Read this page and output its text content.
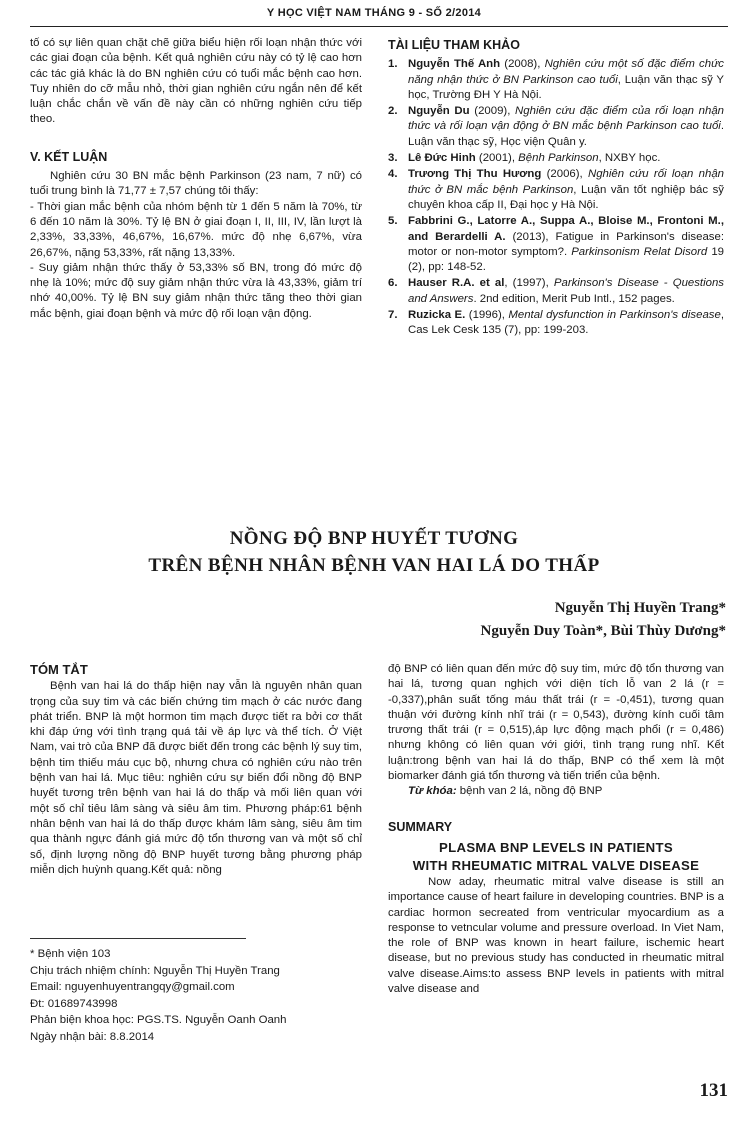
Y HỌC VIỆT NAM THÁNG 9 - SỐ 2/2014

tố có sự liên quan chặt chẽ giữa biểu hiện rối loạn nhận thức với các giai đoạn của bệnh. Kết quả nghiên cứu này có tỷ lệ cao hơn các tác giả khác là do BN nghiên cứu có tuổi mắc bệnh cao hơn. Tuy nhiên do cỡ mẫu nhỏ, thời gian nghiên cứu ngắn nên để kết luận chắc chắn về vấn đề này cần có những nghiên cứu tiếp theo.

V. KẾT LUẬN

Nghiên cứu 30 BN mắc bệnh Parkinson (23 nam, 7 nữ) có tuổi trung bình là 71,77 ± 7,57 chúng tôi thấy:

- Thời gian mắc bệnh của nhóm bệnh từ 1 đến 5 năm là 70%, từ 6 đến 10 năm là 30%. Tỷ lệ BN ở giai đoạn I, II, III, IV, lần lượt là 2,33%, 33,33%, 46,67%, 16,67%. mức độ nhẹ 6,67%, vừa 26,67%, nặng 53,33%, rất nặng 13,33%.

- Suy giảm nhận thức thấy ở 53,33% số BN, trong đó mức độ nhẹ là 10%; mức độ suy giảm nhận thức vừa là 43,33%, giảm trí nhớ 40,00%. Tỷ lệ BN suy giảm nhận thức tăng theo thời gian mắc bệnh, giai đoạn bệnh và mức độ rối loạn vận động.

TÀI LIỆU THAM KHẢO
1. Nguyễn Thế Anh (2008), Nghiên cứu một số đặc điểm chức năng nhận thức ở BN Parkinson cao tuổi, Luận văn thạc sỹ Y học, Trường ĐH Y Hà Nội.
2. Nguyễn Du (2009), Nghiên cứu đặc điểm của rối loạn nhận thức và rối loạn vận động ở BN mắc bệnh Parkinson cao tuổi. Luận văn thạc sỹ, Học viện Quân y.
3. Lê Đức Hinh (2001), Bệnh Parkinson, NXBY học.
4. Trương Thị Thu Hương (2006), Nghiên cứu rối loạn nhận thức ở BN mắc bệnh Parkinson, Luận văn tốt nghiệp bác sỹ chuyên khoa cấp II, Đại học y Hà Nội.
5. Fabbrini G., Latorre A., Suppa A., Bloise M., Frontoni M., and Berardelli A. (2013), Fatigue in Parkinson's disease: motor or non-motor symptom?. Parkinsonism Relat Disord 19 (2), pp: 148-52.
6. Hauser R.A. et al, (1997), Parkinson's Disease - Questions and Answers. 2nd edition, Merit Pub Intl., 152 pages.
7. Ruzicka E. (1996), Mental dysfunction in Parkinson's disease, Cas Lek Cesk 135 (7), pp: 199-203.
NỒNG ĐỘ BNP HUYẾT TƯƠNG
TRÊN BỆNH NHÂN BỆNH VAN HAI LÁ DO THẤP
Nguyễn Thị Huyền Trang*
Nguyễn Duy Toàn*, Bùi Thùy Dương*
TÓM TẮT

Bệnh van hai lá do thấp hiện nay vẫn là nguyên nhân quan trọng của suy tim và các biến chứng tim mạch ở các nước đang phát triển. BNP là một hormon tim mạch được tiết ra bởi cơ thất khi đáp ứng với tình trạng quá tải về áp lực và thể tích. Ở Việt Nam, vai trò của BNP đã được biết đến trong các bệnh lý suy tim, bệnh tim thiếu máu cục bộ, nhưng chưa có nghiên cứu nào trên bệnh van hai lá. Mục tiêu: nghiên cứu sự biến đổi nồng độ BNP huyết tương trên bệnh van hai lá do thấp và mối liên quan với một số chỉ tiêu lâm sàng và siêu âm tim. Phương pháp:61 bệnh nhân bệnh van hai lá do thấp được khám lâm sàng, siêu âm tim qua thành ngực đánh giá mức độ tổn thương van và một số chỉ số, định lượng nồng độ BNP huyết tương bằng phương pháp miễn dịch huỳnh quang.Kết quả: nồng

độ BNP có liên quan đến mức độ suy tim, mức độ tổn thương van hai lá, tương quan nghịch với diện tích lỗ van 2 lá (r = -0,337),phân suất tống máu thất trái (r = -0,451), tương quan thuận với đường kính nhĩ trái (r = 0,543), đường kính cuối tâm trương thất trái (r = 0,515),áp lực động mạch phổi (r = 0,486) nhưng không có liên quan với giới, tình trạng rung nhĩ. Kết luận:trong bệnh van hai lá do thấp, BNP có thể xem là một biomarker đánh giá tổn thương và tiến triển của bệnh.

Từ khóa: bệnh van 2 lá, nồng độ BNP

SUMMARY
PLASMA BNP LEVELS IN PATIENTS
WITH RHEUMATIC MITRAL VALVE DISEASE

Now aday, rheumatic mitral valve disease is still an importance cause of heart failure in developing countries. BNP is a cardiac hormon secreated from ventricular myocardium as a response to vetncular volume and pressure overload. In Viet Nam, the role of BNP was known in heart failure, ischemic heart disease, but no previous study has conducted in rheumatic mitral valve disease.Aims:to assess BNP levels in patients with mitral valve disease and

* Bệnh viện 103
Chịu trách nhiệm chính: Nguyễn Thị Huyền Trang
Email: nguyenhuyentrangqy@gmail.com
Đt: 01689743998
Phản biện khoa học: PGS.TS. Nguyễn Oanh Oanh
Ngày nhận bài: 8.8.2014
131
